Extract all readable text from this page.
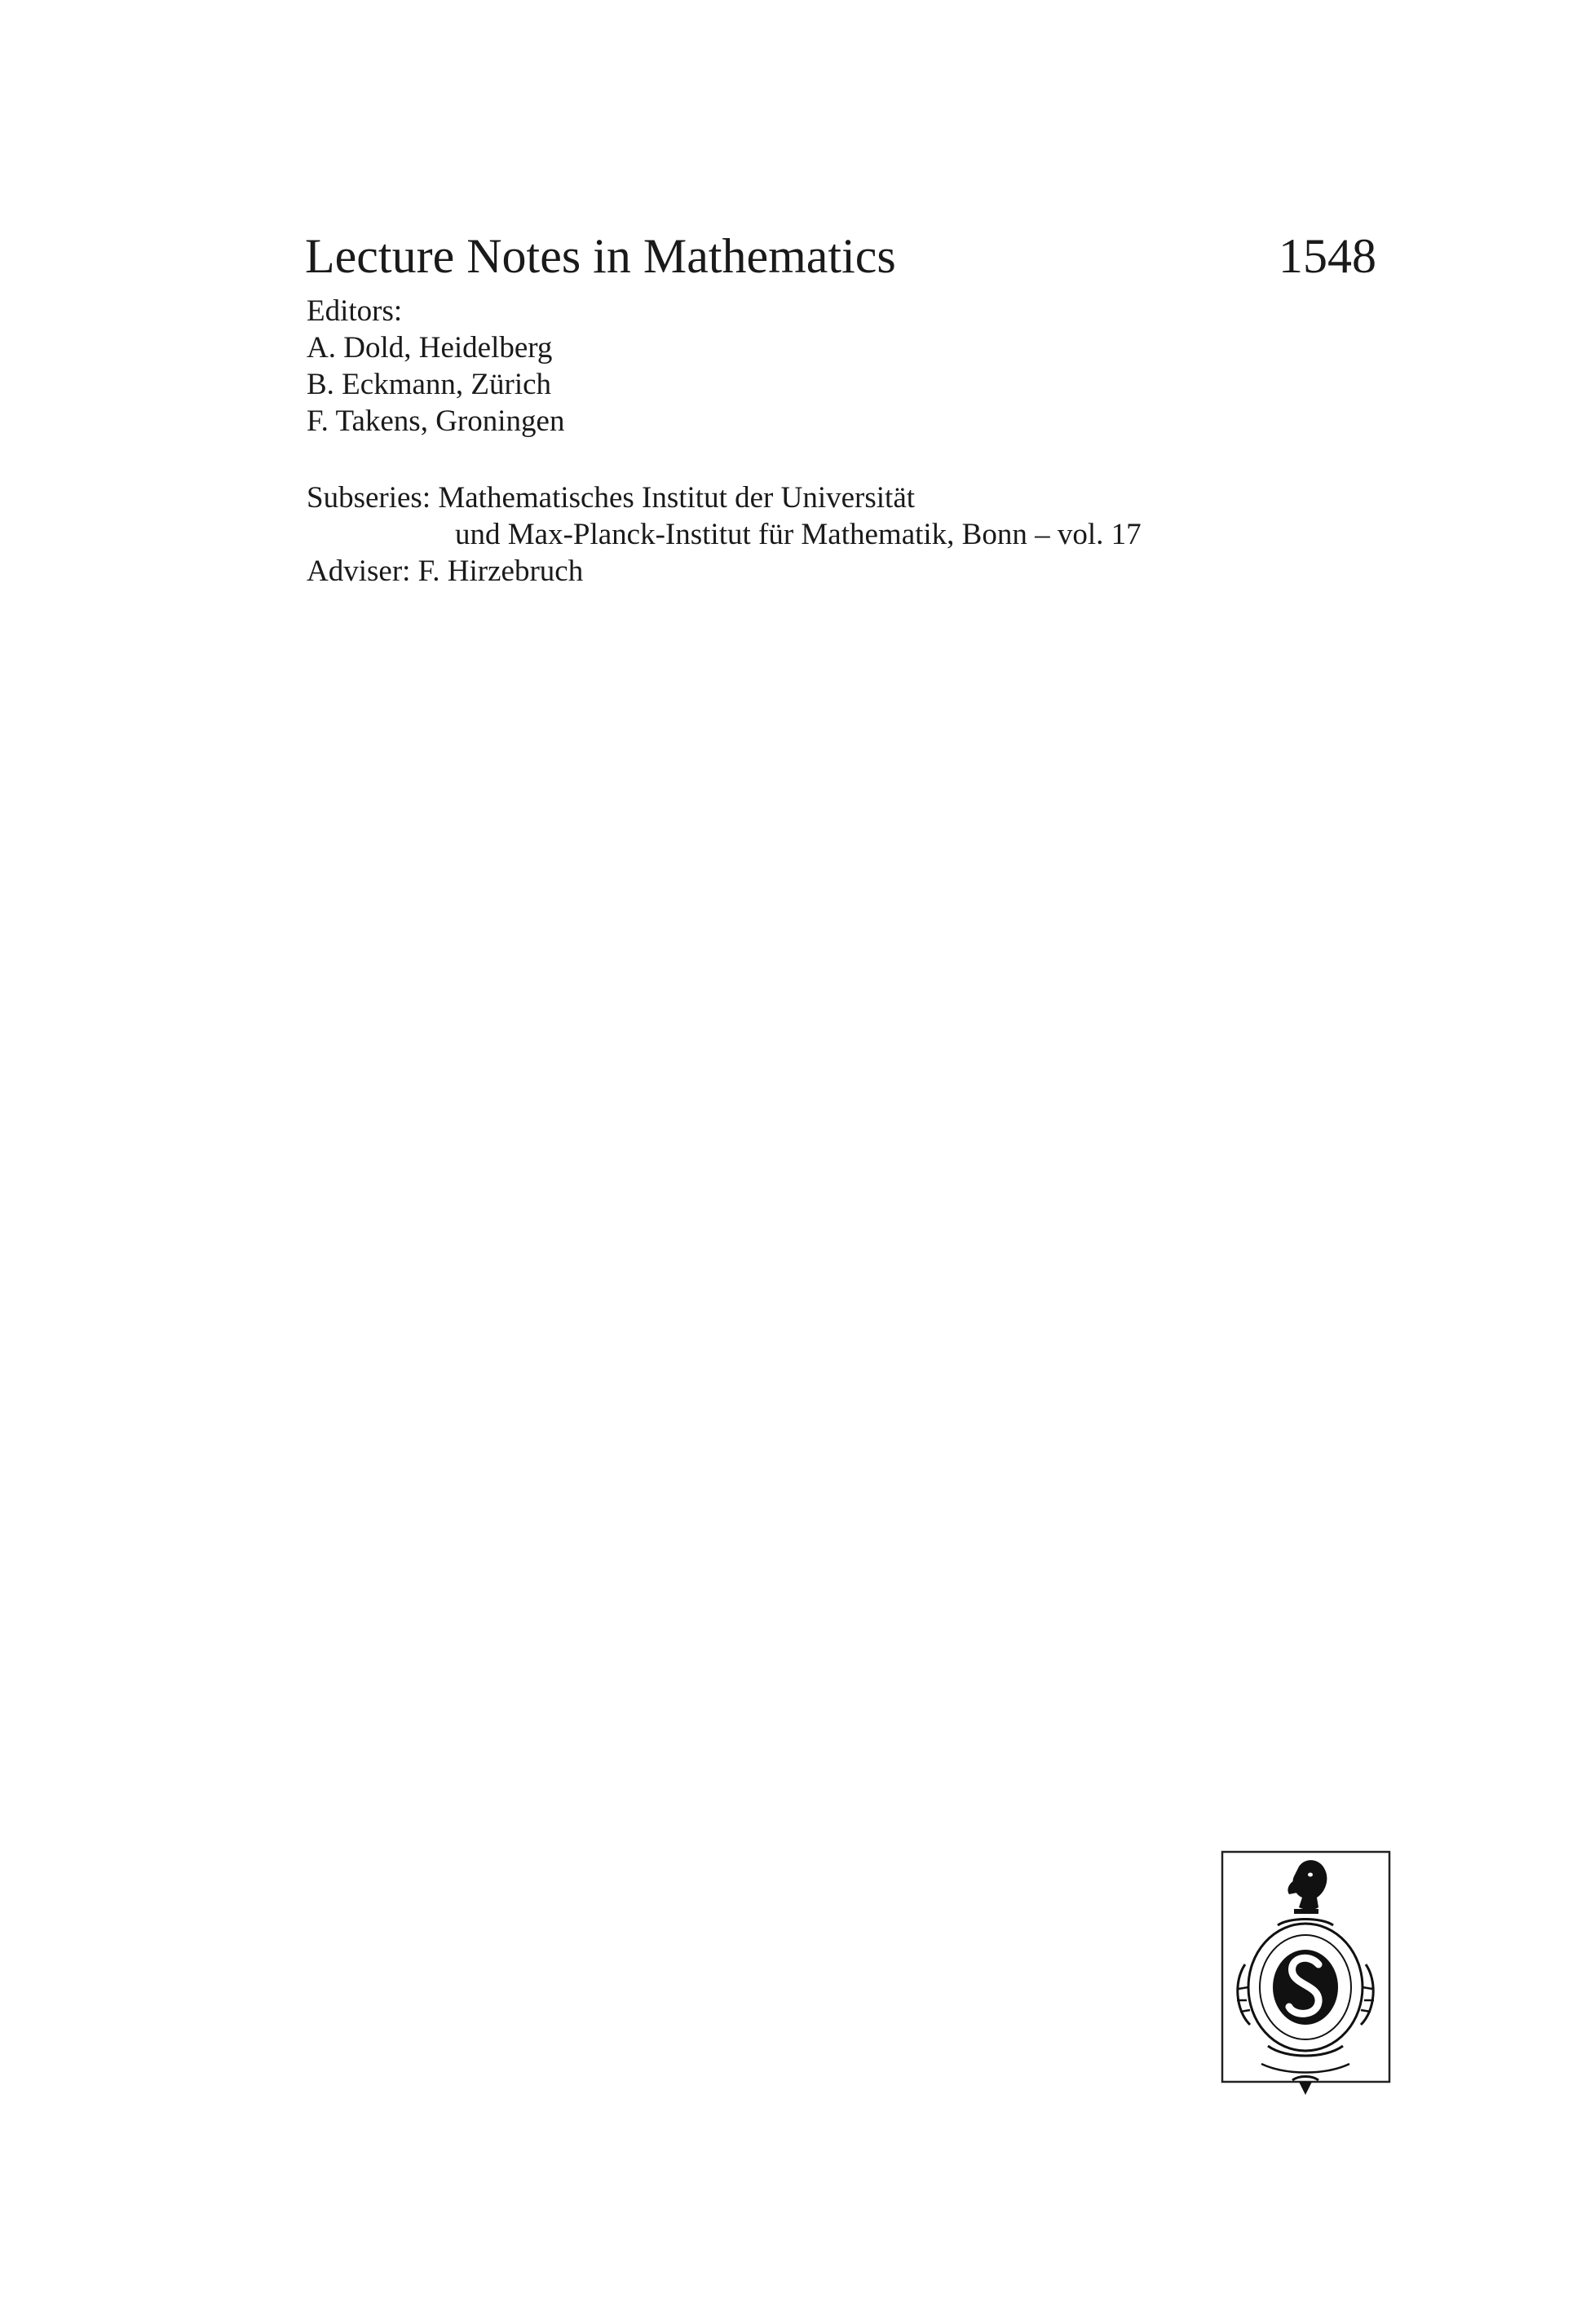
Lecture Notes in Mathematics	1548
Editors:
A. Dold, Heidelberg
B. Eckmann, Zürich
F. Takens, Groningen
Subseries: Mathematisches Institut der Universität
und Max-Planck-Institut für Mathematik, Bonn – vol. 17
Adviser: F. Hirzebruch
